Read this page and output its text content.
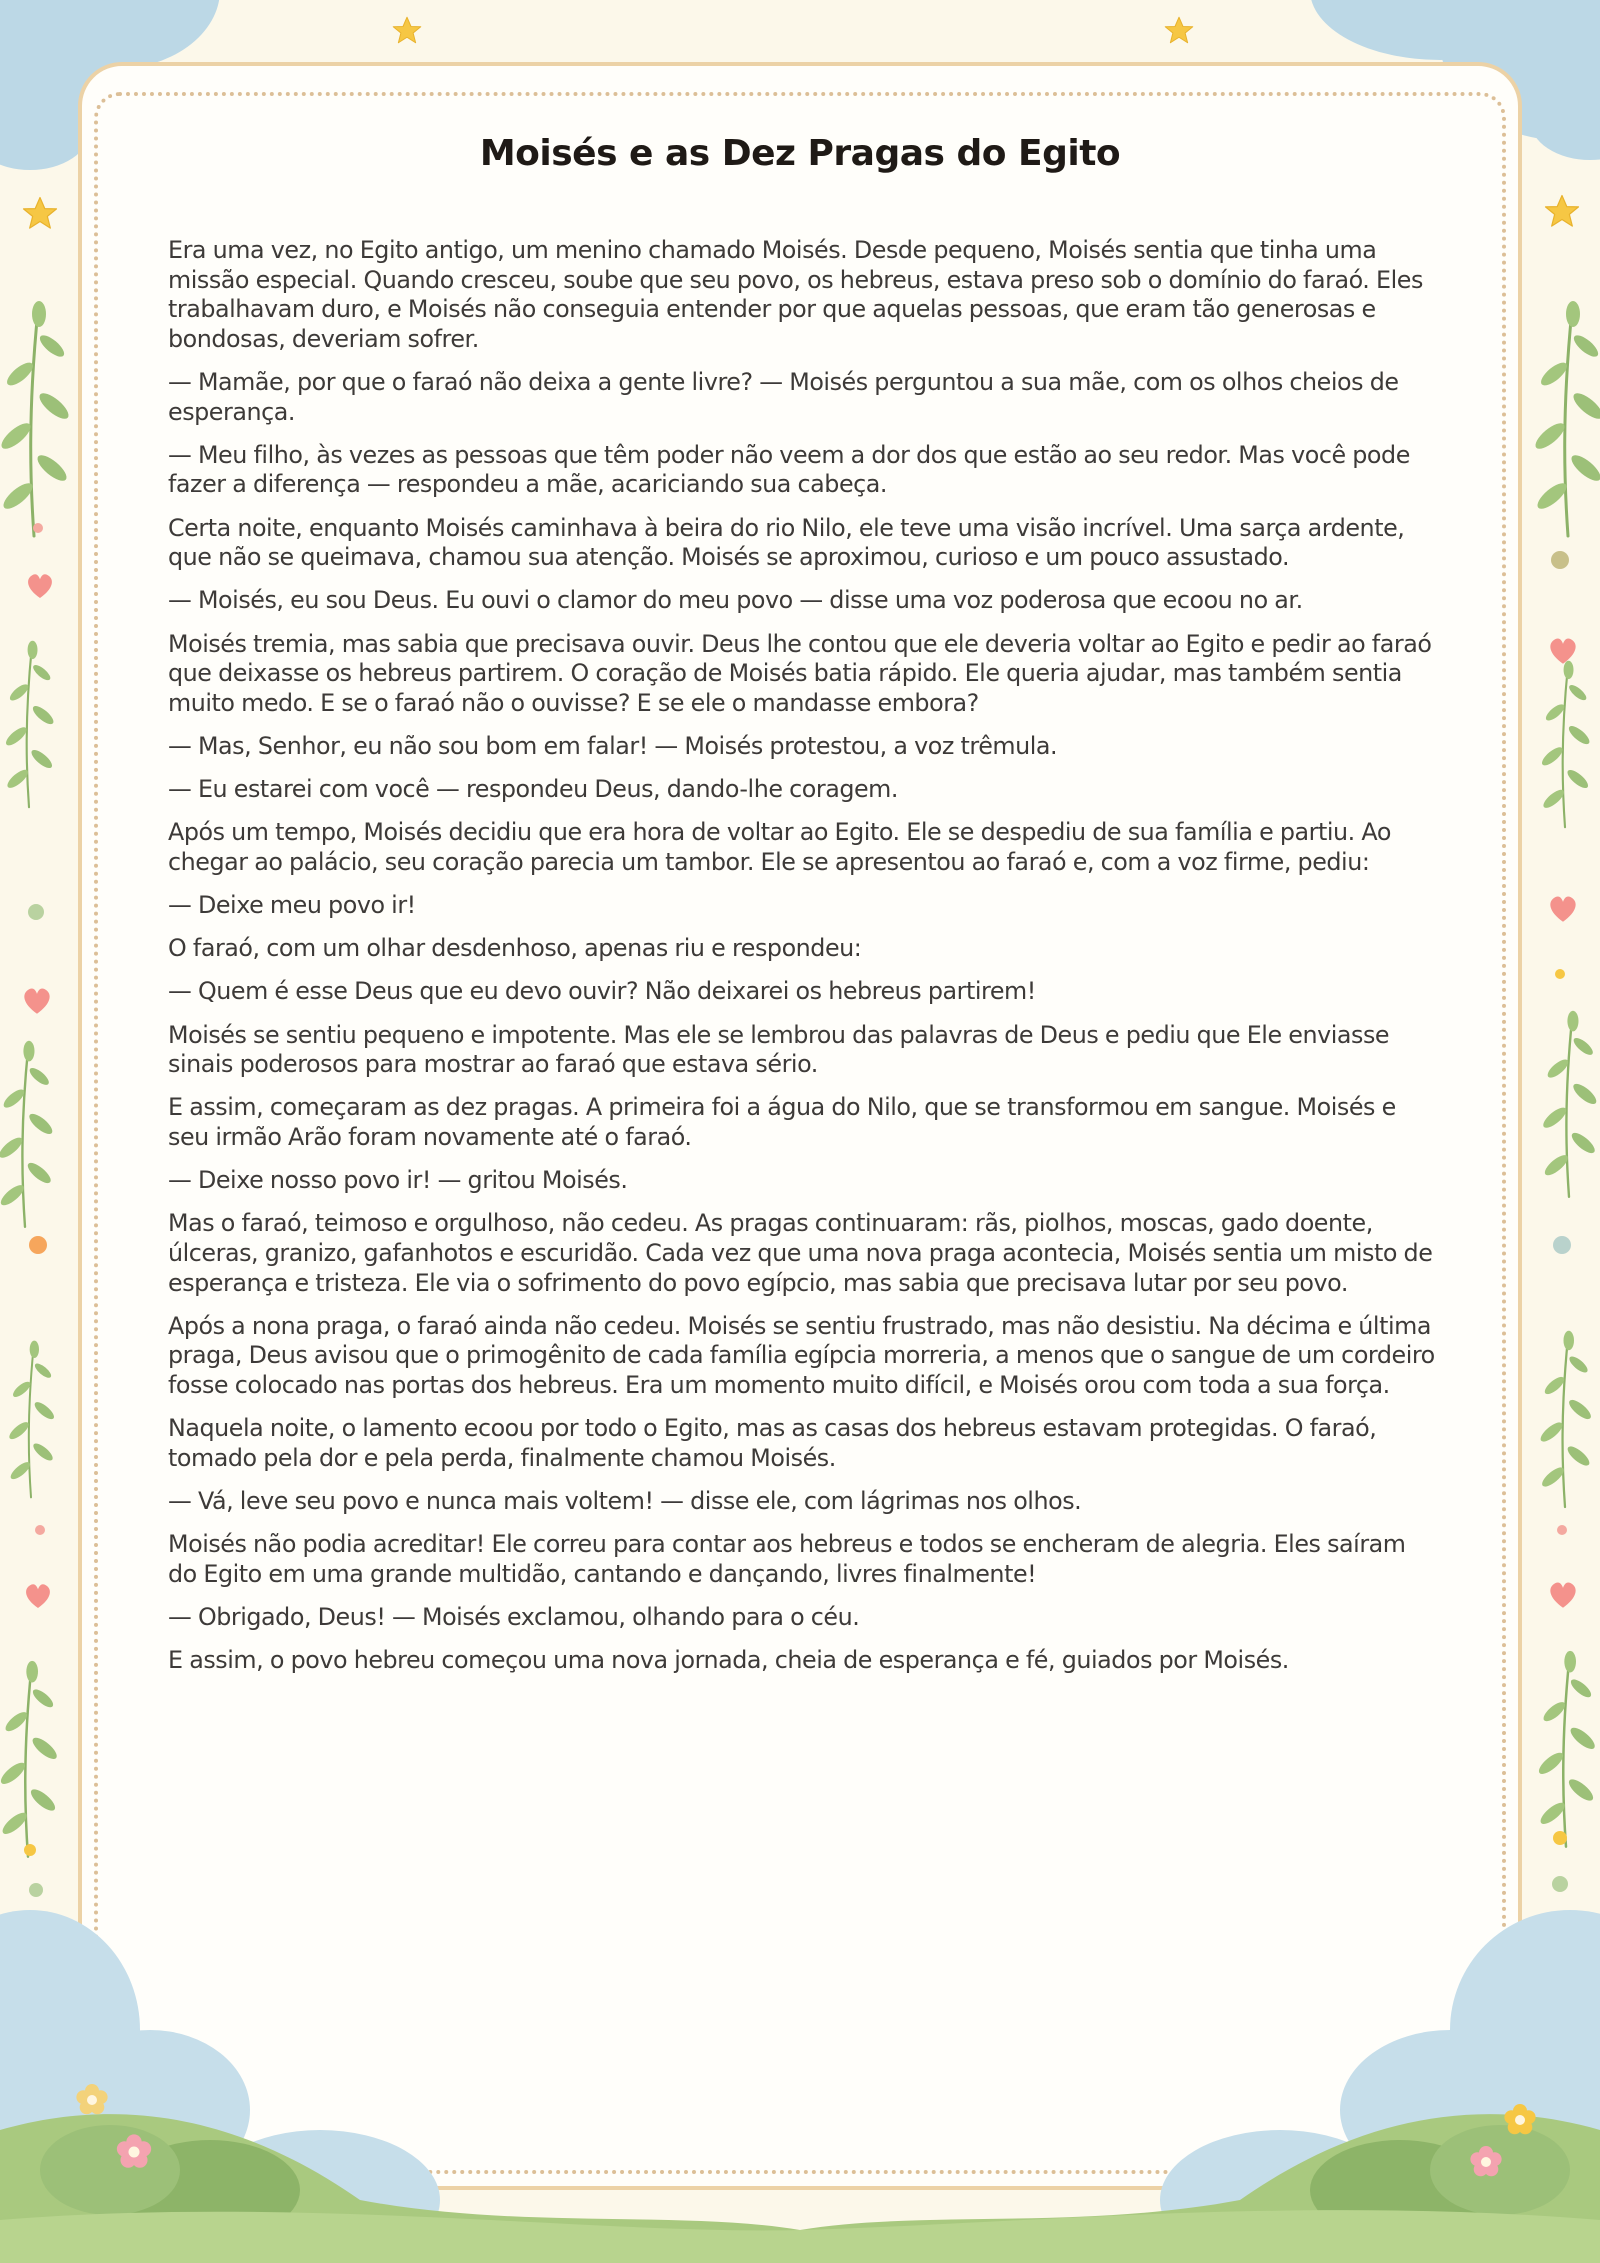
Moisés e as Dez Pragas do Egito

Era uma vez, no Egito antigo, um menino chamado Moisés. Desde pequeno, Moisés sentia que tinha uma missão especial. Quando cresceu, soube que seu povo, os hebreus, estava preso sob o domínio do faraó. Eles trabalhavam duro, e Moisés não conseguia entender por que aquelas pessoas, que eram tão generosas e bondosas, deveriam sofrer.

— Mamãe, por que o faraó não deixa a gente livre? — Moisés perguntou a sua mãe, com os olhos cheios de esperança.

— Meu filho, às vezes as pessoas que têm poder não veem a dor dos que estão ao seu redor. Mas você pode fazer a diferença — respondeu a mãe, acariciando sua cabeça.

Certa noite, enquanto Moisés caminhava à beira do rio Nilo, ele teve uma visão incrível. Uma sarça ardente, que não se queimava, chamou sua atenção. Moisés se aproximou, curioso e um pouco assustado.

— Moisés, eu sou Deus. Eu ouvi o clamor do meu povo — disse uma voz poderosa que ecoou no ar.

Moisés tremia, mas sabia que precisava ouvir. Deus lhe contou que ele deveria voltar ao Egito e pedir ao faraó que deixasse os hebreus partirem. O coração de Moisés batia rápido. Ele queria ajudar, mas também sentia muito medo. E se o faraó não o ouvisse? E se ele o mandasse embora?

— Mas, Senhor, eu não sou bom em falar! — Moisés protestou, a voz trêmula.

— Eu estarei com você — respondeu Deus, dando-lhe coragem.

Após um tempo, Moisés decidiu que era hora de voltar ao Egito. Ele se despediu de sua família e partiu. Ao chegar ao palácio, seu coração parecia um tambor. Ele se apresentou ao faraó e, com a voz firme, pediu:

— Deixe meu povo ir!

O faraó, com um olhar desdenhoso, apenas riu e respondeu:

— Quem é esse Deus que eu devo ouvir? Não deixarei os hebreus partirem!

Moisés se sentiu pequeno e impotente. Mas ele se lembrou das palavras de Deus e pediu que Ele enviasse sinais poderosos para mostrar ao faraó que estava sério.

E assim, começaram as dez pragas. A primeira foi a água do Nilo, que se transformou em sangue. Moisés e seu irmão Arão foram novamente até o faraó.

— Deixe nosso povo ir! — gritou Moisés.

Mas o faraó, teimoso e orgulhoso, não cedeu. As pragas continuaram: rãs, piolhos, moscas, gado doente, úlceras, granizo, gafanhotos e escuridão. Cada vez que uma nova praga acontecia, Moisés sentia um misto de esperança e tristeza. Ele via o sofrimento do povo egípcio, mas sabia que precisava lutar por seu povo.

Após a nona praga, o faraó ainda não cedeu. Moisés se sentiu frustrado, mas não desistiu. Na décima e última praga, Deus avisou que o primogênito de cada família egípcia morreria, a menos que o sangue de um cordeiro fosse colocado nas portas dos hebreus. Era um momento muito difícil, e Moisés orou com toda a sua força.

Naquela noite, o lamento ecoou por todo o Egito, mas as casas dos hebreus estavam protegidas. O faraó, tomado pela dor e pela perda, finalmente chamou Moisés.

— Vá, leve seu povo e nunca mais voltem! — disse ele, com lágrimas nos olhos.

Moisés não podia acreditar! Ele correu para contar aos hebreus e todos se encheram de alegria. Eles saíram do Egito em uma grande multidão, cantando e dançando, livres finalmente!

— Obrigado, Deus! — Moisés exclamou, olhando para o céu.

E assim, o povo hebreu começou uma nova jornada, cheia de esperança e fé, guiados por Moisés.
